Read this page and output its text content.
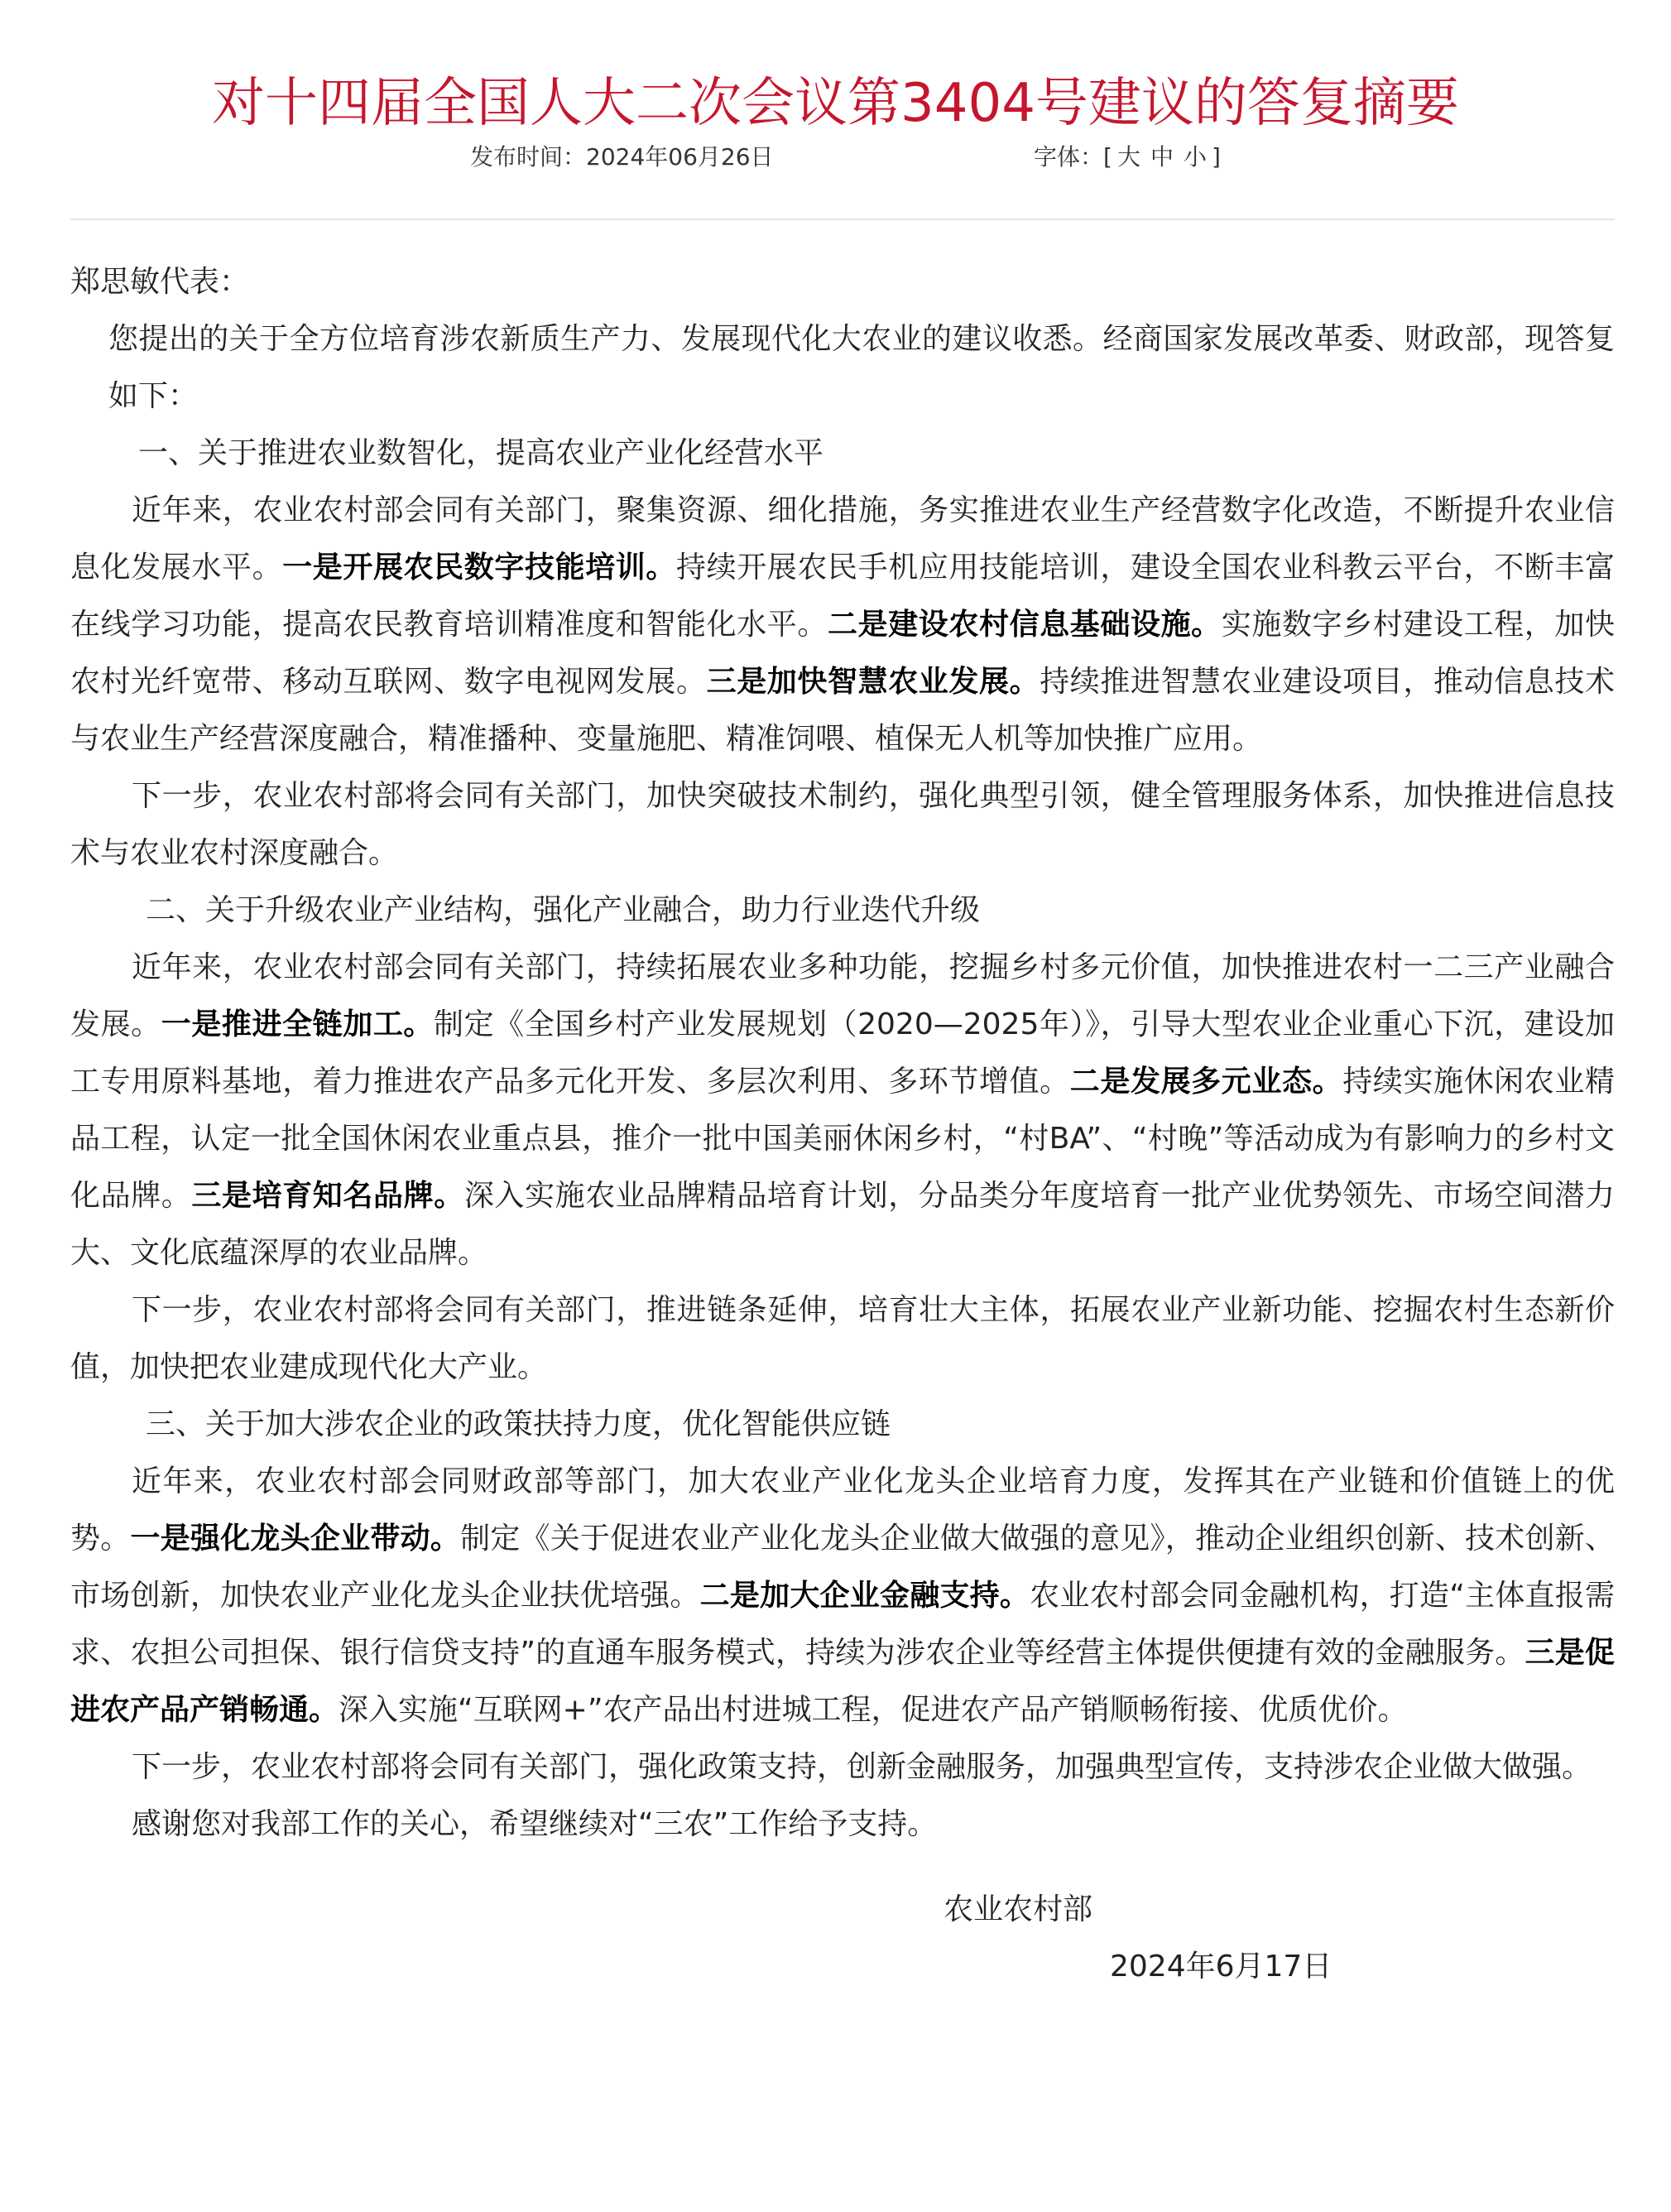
对十四届全国人大二次会议第3404号建议的答复摘要
发布时间：2024年06月26日	字体：[ 大 中 小 ]

郑思敏代表：

您提出的关于全方位培育涉农新质生产力、发展现代化大农业的建议收悉。经商国家发展改革委、财政部，现答复如下：

一、关于推进农业数智化，提高农业产业化经营水平

近年来，农业农村部会同有关部门，聚集资源、细化措施，务实推进农业生产经营数字化改造，不断提升农业信息化发展水平。一是开展农民数字技能培训。持续开展农民手机应用技能培训，建设全国农业科教云平台，不断丰富在线学习功能，提高农民教育培训精准度和智能化水平。二是建设农村信息基础设施。实施数字乡村建设工程，加快农村光纤宽带、移动互联网、数字电视网发展。三是加快智慧农业发展。持续推进智慧农业建设项目，推动信息技术与农业生产经营深度融合，精准播种、变量施肥、精准饲喂、植保无人机等加快推广应用。

下一步，农业农村部将会同有关部门，加快突破技术制约，强化典型引领，健全管理服务体系，加快推进信息技术与农业农村深度融合。

二、关于升级农业产业结构，强化产业融合，助力行业迭代升级

近年来，农业农村部会同有关部门，持续拓展农业多种功能，挖掘乡村多元价值，加快推进农村一二三产业融合发展。一是推进全链加工。制定《全国乡村产业发展规划（2020—2025年）》，引导大型农业企业重心下沉，建设加工专用原料基地，着力推进农产品多元化开发、多层次利用、多环节增值。二是发展多元业态。持续实施休闲农业精品工程，认定一批全国休闲农业重点县，推介一批中国美丽休闲乡村，“村BA”、“村晚”等活动成为有影响力的乡村文化品牌。三是培育知名品牌。深入实施农业品牌精品培育计划，分品类分年度培育一批产业优势领先、市场空间潜力大、文化底蕴深厚的农业品牌。

下一步，农业农村部将会同有关部门，推进链条延伸，培育壮大主体，拓展农业产业新功能、挖掘农村生态新价值，加快把农业建成现代化大产业。

三、关于加大涉农企业的政策扶持力度，优化智能供应链

近年来，农业农村部会同财政部等部门，加大农业产业化龙头企业培育力度，发挥其在产业链和价值链上的优势。一是强化龙头企业带动。制定《关于促进农业产业化龙头企业做大做强的意见》，推动企业组织创新、技术创新、市场创新，加快农业产业化龙头企业扶优培强。二是加大企业金融支持。农业农村部会同金融机构，打造“主体直报需求、农担公司担保、银行信贷支持”的直通车服务模式，持续为涉农企业等经营主体提供便捷有效的金融服务。三是促进农产品产销畅通。深入实施“互联网+”农产品出村进城工程，促进农产品产销顺畅衔接、优质优价。

下一步，农业农村部将会同有关部门，强化政策支持，创新金融服务，加强典型宣传，支持涉农企业做大做强。

感谢您对我部工作的关心，希望继续对“三农”工作给予支持。

农业农村部

2024年6月17日
